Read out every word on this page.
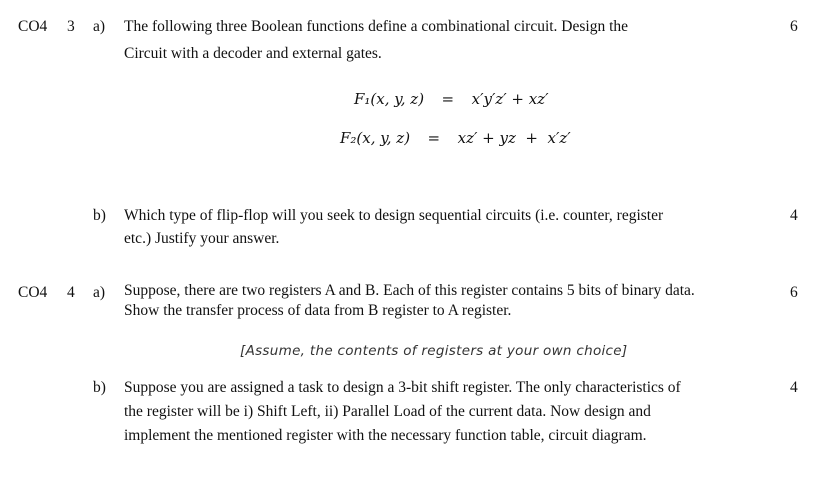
CO4 3 a) The following three Boolean functions define a combinational circuit. Design the
Circuit with a decoder and external gates.
6
F₁(x, y, z) = x′y′z′ + xz′
F₂(x, y, z) = xz′ + yz  +  x′z′
b) Which type of flip-flop will you seek to design sequential circuits (i.e. counter, register
etc.) Justify your answer.
4
CO4 4 a) Suppose, there are two registers A and B. Each of this register contains 5 bits of binary data.
Show the transfer process of data from B register to A register.
6
[Assume, the contents of registers at your own choice]
b) Suppose you are assigned a task to design a 3-bit shift register. The only characteristics of
the register will be i) Shift Left, ii) Parallel Load of the current data. Now design and
implement the mentioned register with the necessary function table, circuit diagram.
4
